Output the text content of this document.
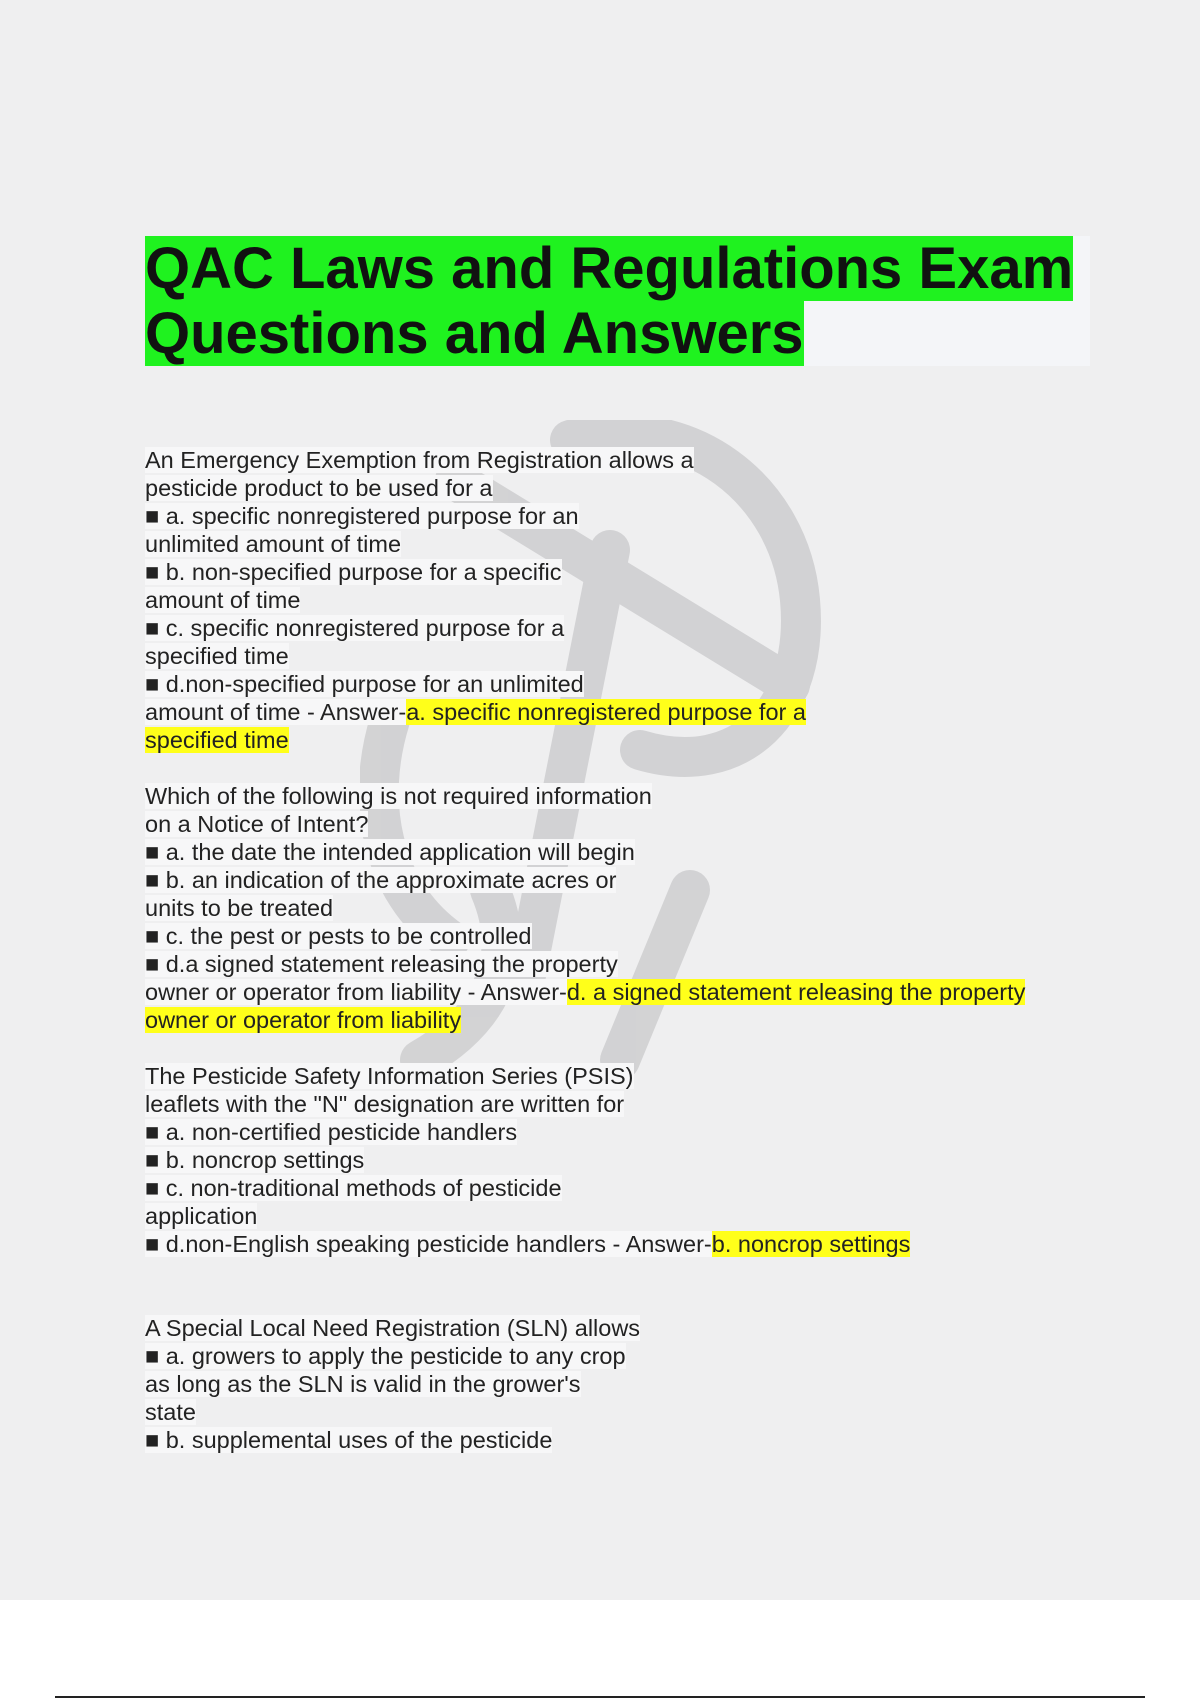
QAC Laws and Regulations Exam
Questions and Answers
An Emergency Exemption from Registration allows a
pesticide product to be used for a
■ a. specific nonregistered purpose for an
unlimited amount of time
■ b. non-specified purpose for a specific
amount of time
■ c. specific nonregistered purpose for a
specified time
■ d.non-specified purpose for an unlimited
amount of time - Answer-a. specific nonregistered purpose for a
specified time
Which of the following is not required information
on a Notice of Intent?
■ a. the date the intended application will begin
■ b. an indication of the approximate acres or
units to be treated
■ c. the pest or pests to be controlled
■ d.a signed statement releasing the property
owner or operator from liability - Answer-d. a signed statement releasing the property
owner or operator from liability
The Pesticide Safety Information Series (PSIS)
leaflets with the "N" designation are written for
■ a. non-certified pesticide handlers
■ b. noncrop settings
■ c. non-traditional methods of pesticide
application
■ d.non-English speaking pesticide handlers - Answer-b. noncrop settings
A Special Local Need Registration (SLN) allows
■ a. growers to apply the pesticide to any crop
as long as the SLN is valid in the grower's
state
■ b. supplemental uses of the pesticide
